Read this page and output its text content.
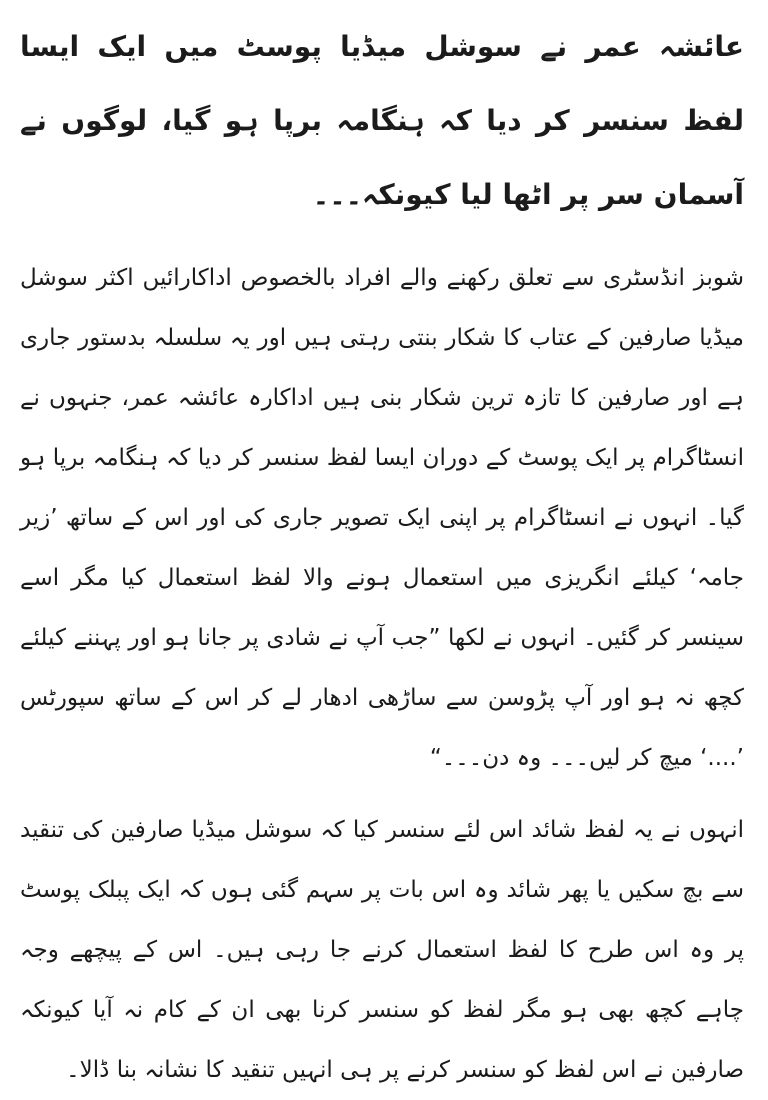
عائشہ عمر نے سوشل میڈیا پوسٹ میں ایک ایسا لفظ سنسر کر دیا کہ ہنگامہ برپا ہو گیا، لوگوں نے آسمان سر پر اٹھا لیا کیونکہ۔۔۔

شوبز انڈسٹری سے تعلق رکھنے والے افراد بالخصوص اداکارائیں اکثر سوشل میڈیا صارفین کے عتاب کا شکار بنتی رہتی ہیں اور یہ سلسلہ بدستور جاری ہے اور صارفین کا تازہ ترین شکار بنی ہیں اداکارہ عائشہ عمر، جنہوں نے انسٹاگرام پر ایک پوسٹ کے دوران ایسا لفظ سنسر کر دیا کہ ہنگامہ برپا ہو گیا۔ انہوں نے انسٹاگرام پر اپنی ایک تصویر جاری کی اور اس کے ساتھ ’زیر جامہ‘ کیلئے انگریزی میں استعمال ہونے والا لفظ استعمال کیا مگر اسے سینسر کر گئیں۔ انہوں نے لکھا ”جب آپ نے شادی پر جانا ہو اور پہننے کیلئے کچھ نہ ہو اور آپ پڑوسن سے ساڑھی ادھار لے کر اس کے ساتھ سپورٹس ’....‘ میچ کر لیں۔۔۔ وہ دن۔۔۔“

انہوں نے یہ لفظ شائد اس لئے سنسر کیا کہ سوشل میڈیا صارفین کی تنقید سے بچ سکیں یا پھر شائد وہ اس بات پر سہم گئی ہوں کہ ایک پبلک پوسٹ پر وہ اس طرح کا لفظ استعمال کرنے جا رہی ہیں۔ اس کے پیچھے وجہ چاہے کچھ بھی ہو مگر لفظ کو سنسر کرنا بھی ان کے کام نہ آیا کیونکہ صارفین نے اس لفظ کو سنسر کرنے پر ہی انہیں تنقید کا نشانہ بنا ڈالا۔
